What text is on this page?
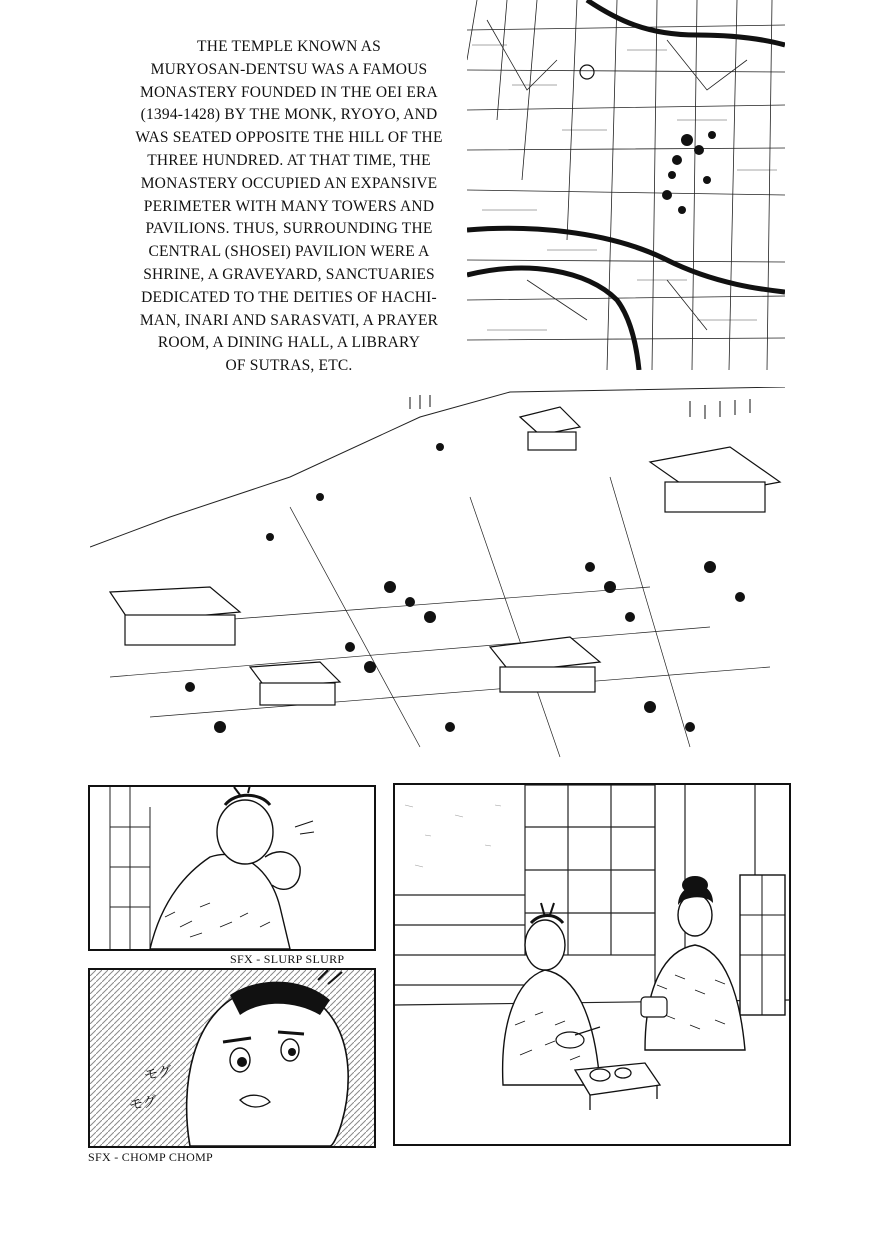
THE TEMPLE KNOWN AS
MURYOSAN-DENTSU WAS A FAMOUS
MONASTERY FOUNDED IN THE OEI ERA
(1394-1428) BY THE MONK, RYOYO, AND
WAS SEATED OPPOSITE THE HILL OF THE
THREE HUNDRED. AT THAT TIME, THE
MONASTERY OCCUPIED AN EXPANSIVE
PERIMETER WITH MANY TOWERS AND
PAVILIONS. THUS, SURROUNDING THE
CENTRAL (SHOSEI) PAVILION WERE A
SHRINE, A GRAVEYARD, SANCTUARIES
DEDICATED TO THE DEITIES OF HACHI-
MAN, INARI AND SARASVATI, A PRAYER
ROOM, A DINING HALL, A LIBRARY
OF SUTRAS, ETC.
SFX - SLURP SLURP
モグ
モグ
SFX - CHOMP CHOMP
